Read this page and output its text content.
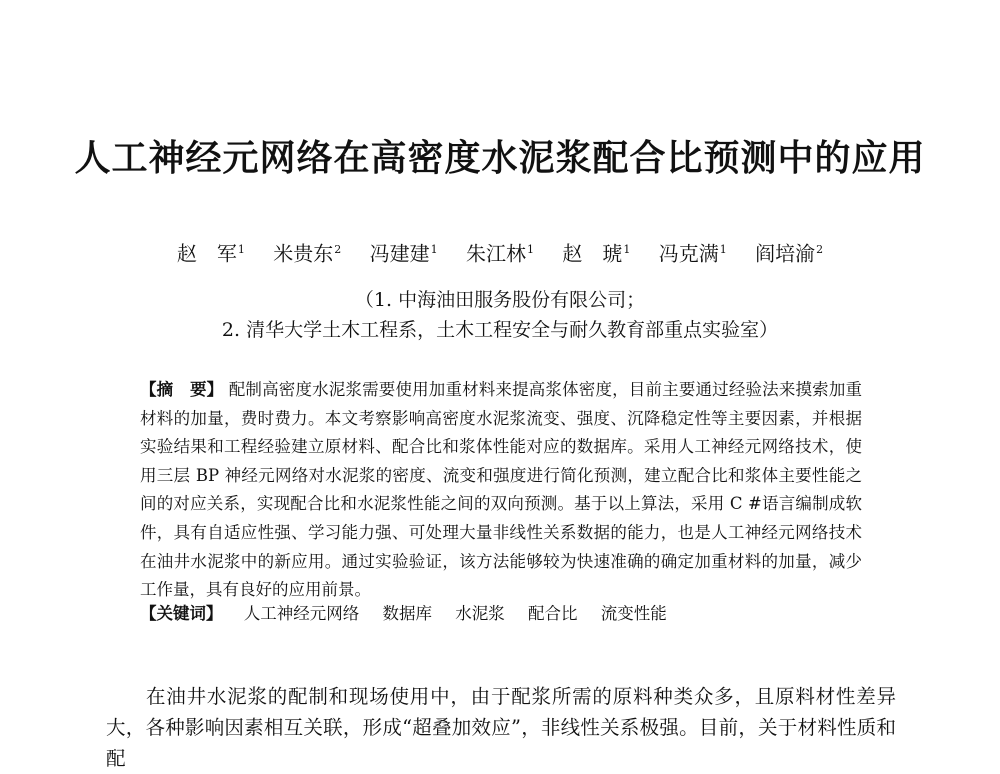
人工神经元网络在高密度水泥浆配合比预测中的应用
赵　军$^1$ 米贵东$^2$ 冯建建$^1$ 朱江林$^1$ 赵　琥$^1$ 冯克满$^1$ 阎培渝$^2$
（1. 中海油田服务股份有限公司；
2. 清华大学土木工程系，土木工程安全与耐久教育部重点实验室）
【摘　要】 配制高密度水泥浆需要使用加重材料来提高浆体密度，目前主要通过经验法来摸索加重材料的加量，费时费力。本文考察影响高密度水泥浆流变、强度、沉降稳定性等主要因素，并根据实验结果和工程经验建立原材料、配合比和浆体性能对应的数据库。采用人工神经元网络技术，使用三层 BP 神经元网络对水泥浆的密度、流变和强度进行简化预测，建立配合比和浆体主要性能之间的对应关系，实现配合比和水泥浆性能之间的双向预测。基于以上算法，采用 C #语言编制成软件，具有自适应性强、学习能力强、可处理大量非线性关系数据的能力，也是人工神经元网络技术在油井水泥浆中的新应用。通过实验验证，该方法能够较为快速准确的确定加重材料的加量，减少工作量，具有良好的应用前景。
【关键词】 人工神经元网络 数据库 水泥浆 配合比 流变性能

在油井水泥浆的配制和现场使用中，由于配浆所需的原料种类众多，且原料材性差异大，各种影响因素相互关联，形成“超叠加效应”，非线性关系极强。目前，关于材料性质和配
